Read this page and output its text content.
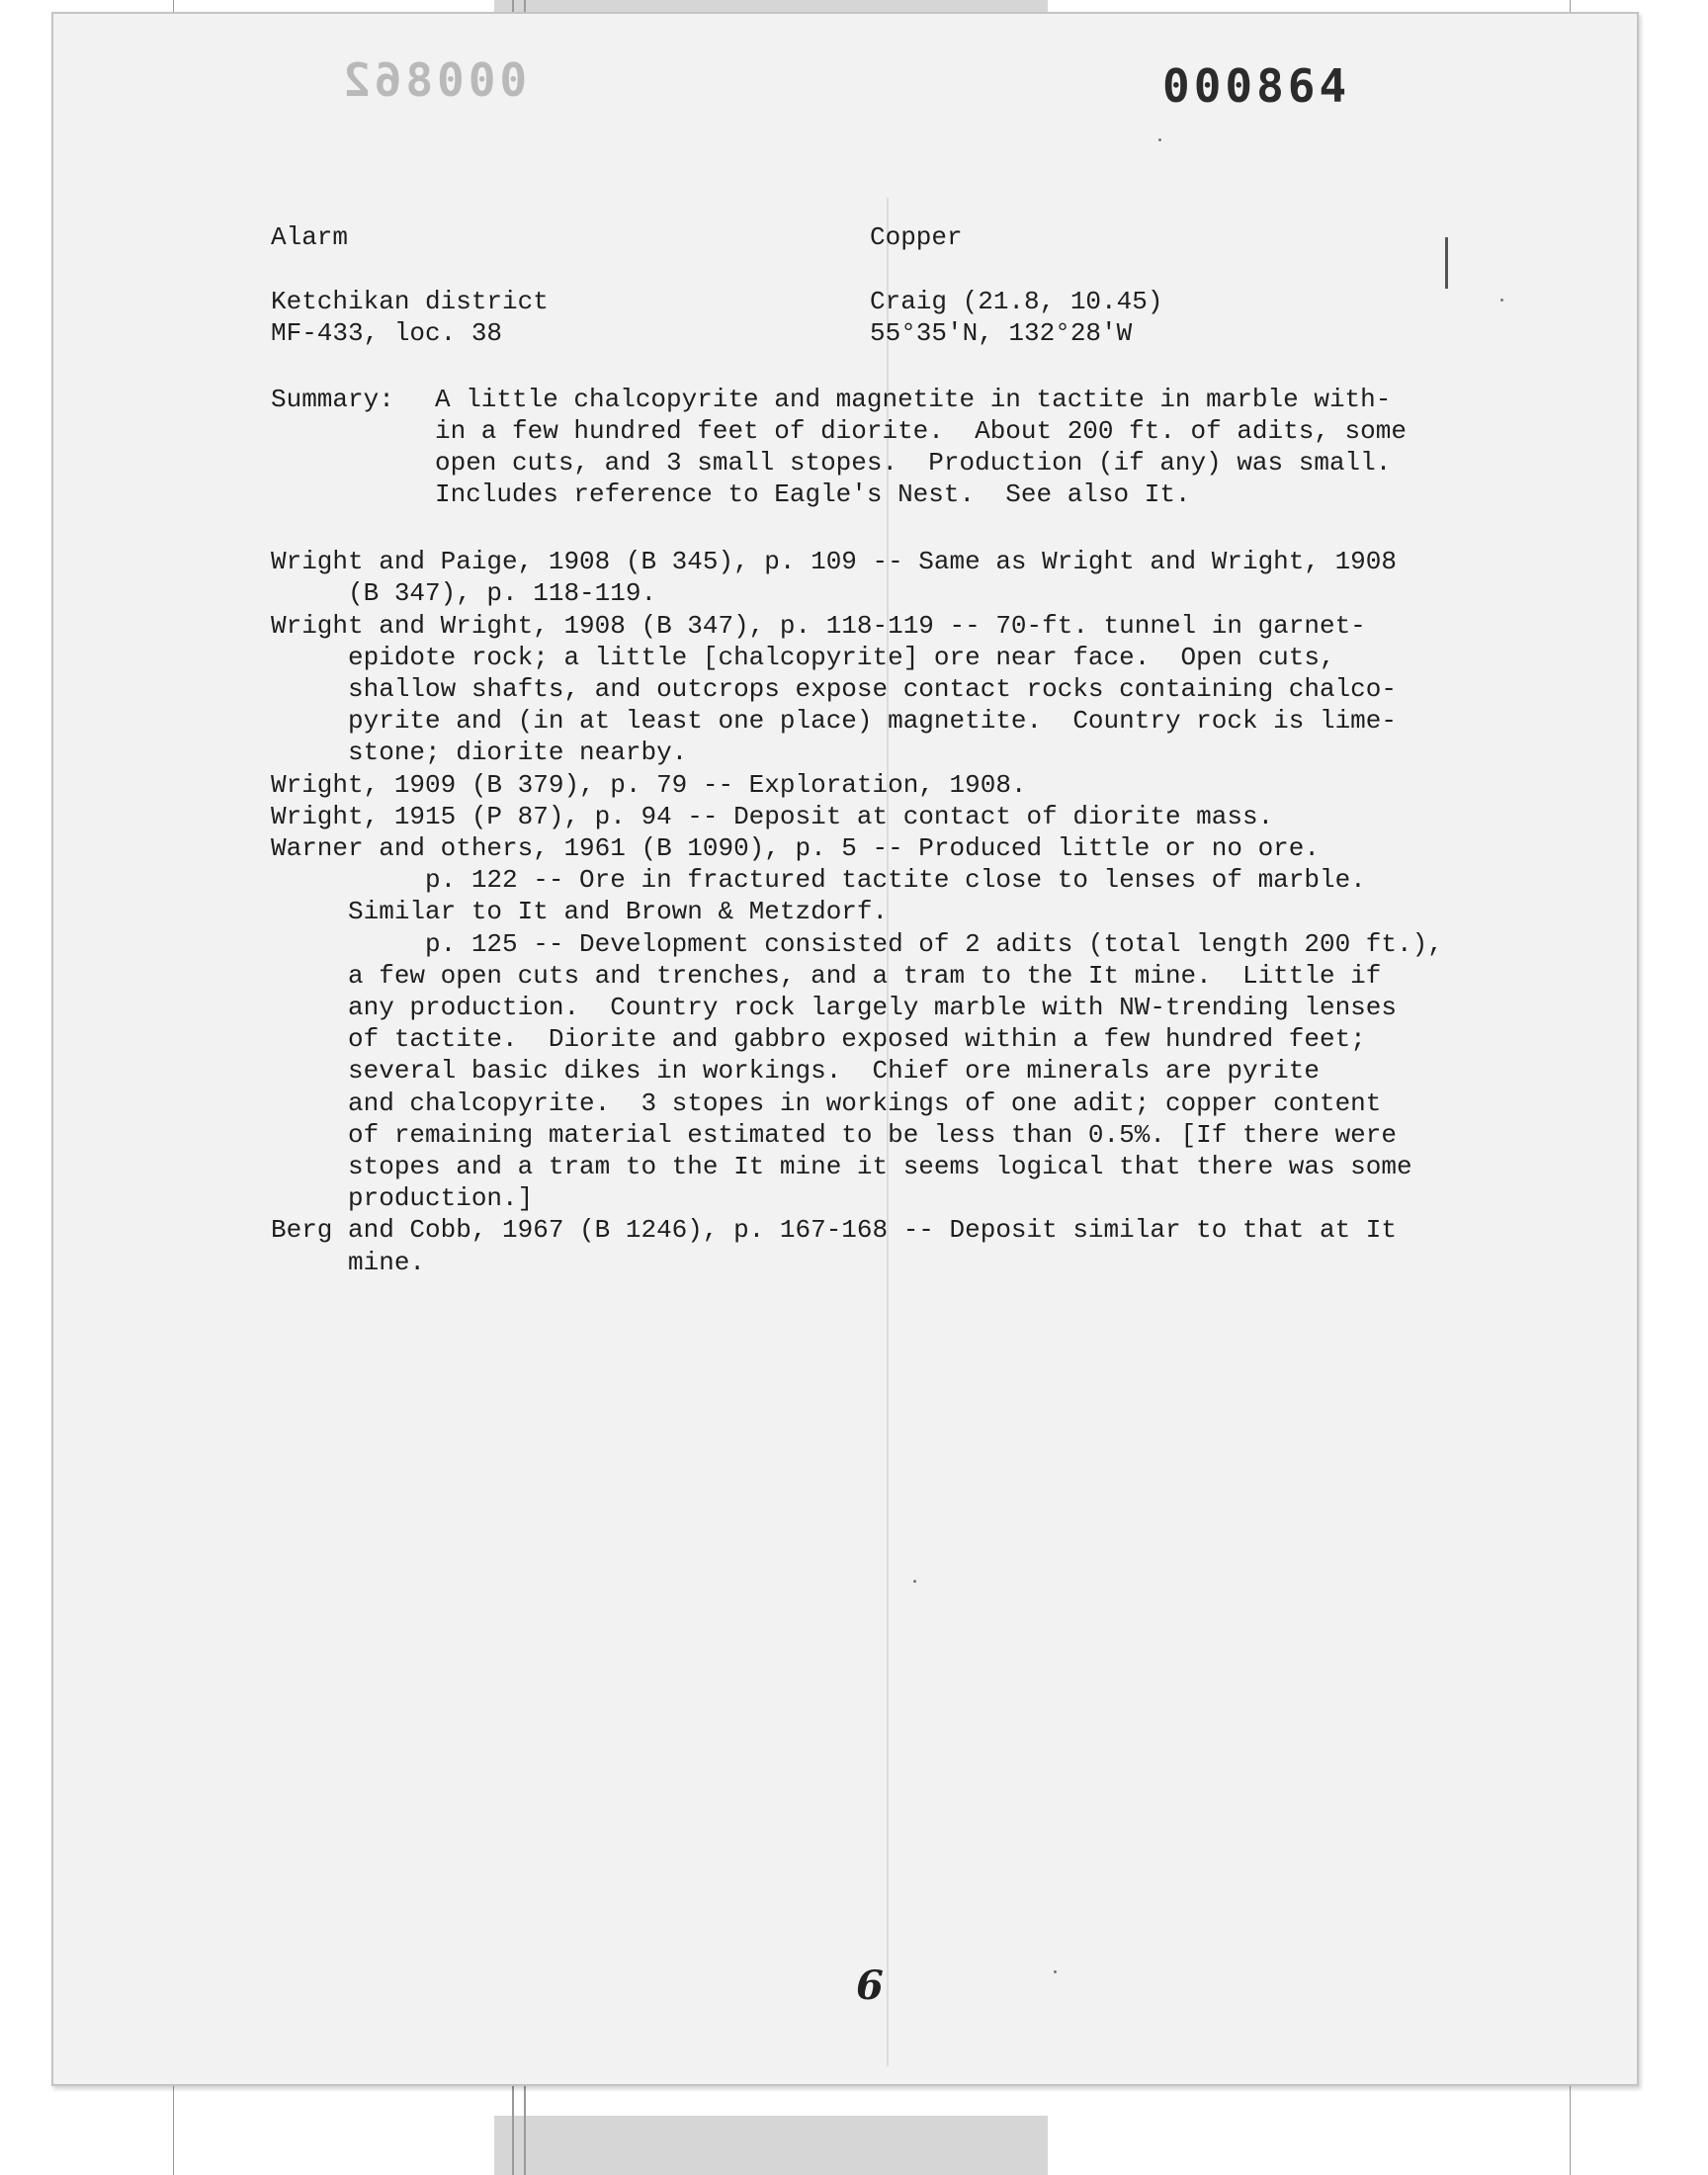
000862	000864
Alarm	Copper
Ketchikan district	Craig (21.8, 10.45)
MF-433, loc. 38	55°35'N, 132°28'W
Summary: A little chalcopyrite and magnetite in tactite in marble with-
in a few hundred feet of diorite.  About 200 ft. of adits, some
open cuts, and 3 small stopes.  Production (if any) was small.
Includes reference to Eagle's Nest.  See also It.
Wright and Paige, 1908 (B 345), p. 109 -- Same as Wright and Wright, 1908
(B 347), p. 118-119.
Wright and Wright, 1908 (B 347), p. 118-119 -- 70-ft. tunnel in garnet-
epidote rock; a little [chalcopyrite] ore near face.  Open cuts,
shallow shafts, and outcrops expose contact rocks containing chalco-
pyrite and (in at least one place) magnetite.  Country rock is lime-
stone; diorite nearby.
Wright, 1909 (B 379), p. 79 -- Exploration, 1908.
Wright, 1915 (P 87), p. 94 -- Deposit at contact of diorite mass.
Warner and others, 1961 (B 1090), p. 5 -- Produced little or no ore.
p. 122 -- Ore in fractured tactite close to lenses of marble.
Similar to It and Brown & Metzdorf.
p. 125 -- Development consisted of 2 adits (total length 200 ft.),
a few open cuts and trenches, and a tram to the It mine.  Little if
any production.  Country rock largely marble with NW-trending lenses
of tactite.  Diorite and gabbro exposed within a few hundred feet;
several basic dikes in workings.  Chief ore minerals are pyrite
and chalcopyrite.  3 stopes in workings of one adit; copper content
of remaining material estimated to be less than 0.5%. [If there were
stopes and a tram to the It mine it seems logical that there was some
production.]
Berg and Cobb, 1967 (B 1246), p. 167-168 -- Deposit similar to that at It
mine.
6
